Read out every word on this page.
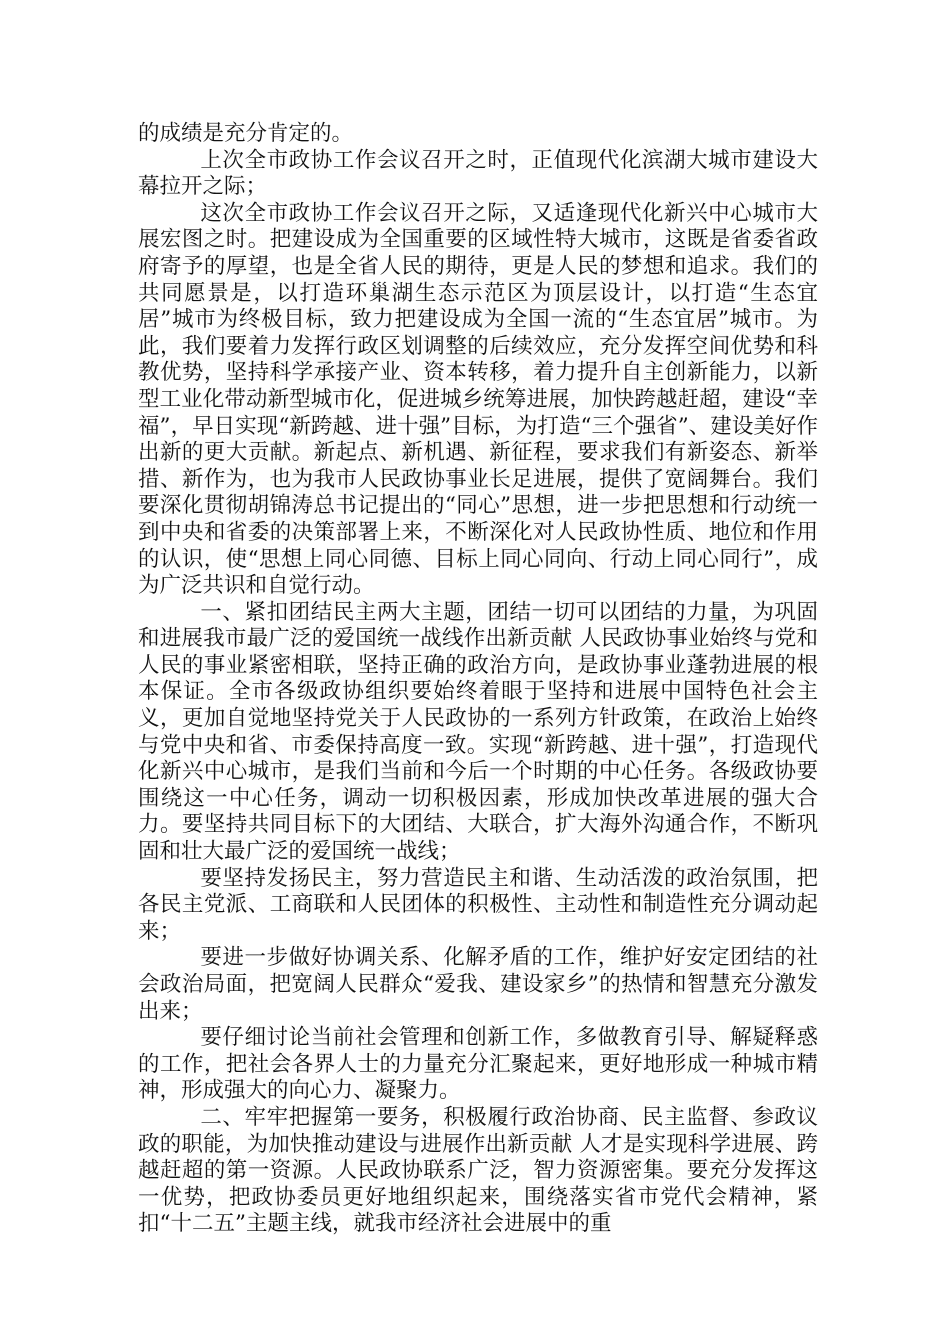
的成绩是充分肯定的。

上次全市政协工作会议召开之时，正值现代化滨湖大城市建设大幕拉开之际；

这次全市政协工作会议召开之际，又适逢现代化新兴中心城市大展宏图之时。把建设成为全国重要的区域性特大城市，这既是省委省政府寄予的厚望，也是全省人民的期待，更是人民的梦想和追求。我们的共同愿景是，以打造环巢湖生态示范区为顶层设计，以打造“生态宜居”城市为终极目标，致力把建设成为全国一流的“生态宜居”城市。为此，我们要着力发挥行政区划调整的后续效应，充分发挥空间优势和科教优势，坚持科学承接产业、资本转移，着力提升自主创新能力，以新型工业化带动新型城市化，促进城乡统筹进展，加快跨越赶超，建设“幸福”，早日实现“新跨越、进十强”目标，为打造“三个强省”、建设美好作出新的更大贡献。新起点、新机遇、新征程，要求我们有新姿态、新举措、新作为，也为我市人民政协事业长足进展，提供了宽阔舞台。我们要深化贯彻胡锦涛总书记提出的“同心”思想，进一步把思想和行动统一到中央和省委的决策部署上来，不断深化对人民政协性质、地位和作用的认识，使“思想上同心同德、目标上同心同向、行动上同心同行”，成为广泛共识和自觉行动。

一、紧扣团结民主两大主题，团结一切可以团结的力量，为巩固和进展我市最广泛的爱国统一战线作出新贡献 人民政协事业始终与党和人民的事业紧密相联，坚持正确的政治方向，是政协事业蓬勃进展的根本保证。全市各级政协组织要始终着眼于坚持和进展中国特色社会主义，更加自觉地坚持党关于人民政协的一系列方针政策，在政治上始终与党中央和省、市委保持高度一致。实现“新跨越、进十强”，打造现代化新兴中心城市，是我们当前和今后一个时期的中心任务。各级政协要围绕这一中心任务，调动一切积极因素，形成加快改革进展的强大合力。要坚持共同目标下的大团结、大联合，扩大海外沟通合作，不断巩固和壮大最广泛的爱国统一战线；

要坚持发扬民主，努力营造民主和谐、生动活泼的政治氛围，把各民主党派、工商联和人民团体的积极性、主动性和制造性充分调动起来；

要进一步做好协调关系、化解矛盾的工作，维护好安定团结的社会政治局面，把宽阔人民群众“爱我、建设家乡”的热情和智慧充分激发出来；

要仔细讨论当前社会管理和创新工作，多做教育引导、解疑释惑的工作，把社会各界人士的力量充分汇聚起来，更好地形成一种城市精神，形成强大的向心力、凝聚力。

二、牢牢把握第一要务，积极履行政治协商、民主监督、参政议政的职能，为加快推动建设与进展作出新贡献 人才是实现科学进展、跨越赶超的第一资源。人民政协联系广泛，智力资源密集。要充分发挥这一优势，把政协委员更好地组织起来，围绕落实省市党代会精神，紧扣“十二五”主题主线，就我市经济社会进展中的重
